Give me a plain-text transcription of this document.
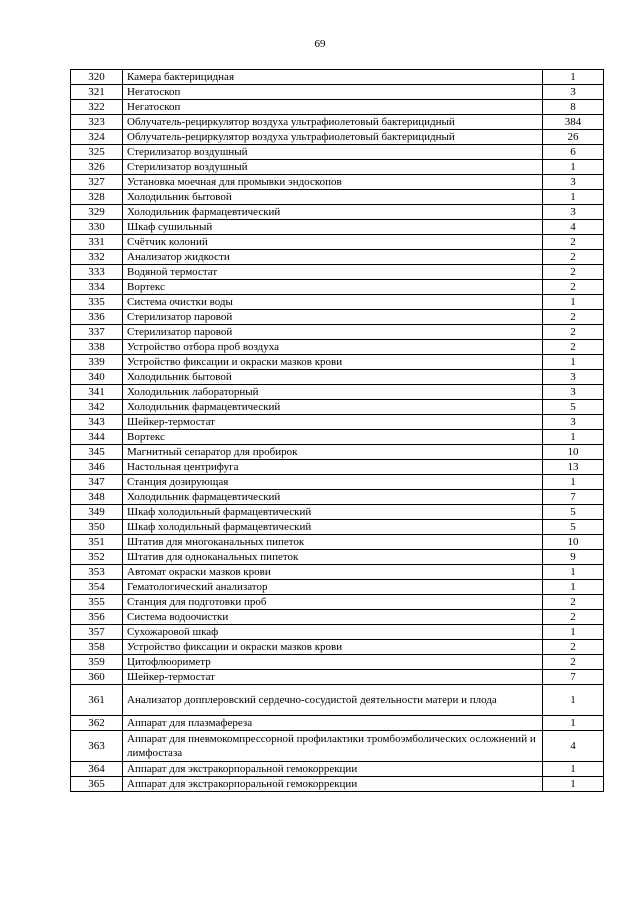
69
320	Камера бактерицидная	1
321	Негатоскоп	3
322	Негатоскоп	8
323	Облучатель-рециркулятор воздуха ультрафиолетовый бактерицидный	384
324	Облучатель-рециркулятор воздуха ультрафиолетовый бактерицидный	26
325	Стерилизатор воздушный	6
326	Стерилизатор воздушный	1
327	Установка моечная для промывки эндоскопов	3
328	Холодильник бытовой	1
329	Холодильник фармацевтический	3
330	Шкаф сушильный	4
331	Счётчик колоний	2
332	Анализатор жидкости	2
333	Водяной термостат	2
334	Вортекс	2
335	Система очистки воды	1
336	Стерилизатор паровой	2
337	Стерилизатор паровой	2
338	Устройство отбора проб воздуха	2
339	Устройство фиксации и окраски мазков крови	1
340	Холодильник бытовой	3
341	Холодильник лабораторный	3
342	Холодильник фармацевтический	5
343	Шейкер-термостат	3
344	Вортекс	1
345	Магнитный сепаратор для пробирок	10
346	Настольная центрифуга	13
347	Станция дозирующая	1
348	Холодильник фармацевтический	7
349	Шкаф холодильный фармацевтический	5
350	Шкаф холодильный фармацевтический	5
351	Штатив для многоканальных пипеток	10
352	Штатив для одноканальных пипеток	9
353	Автомат окраски мазков крови	1
354	Гематологический анализатор	1
355	Станция для подготовки проб	2
356	Система водоочистки	2
357	Сухожаровой шкаф	1
358	Устройство фиксации и окраски мазков крови	2
359	Цитофлюориметр	2
360	Шейкер-термостат	7
361	Анализатор допплеровский сердечно-сосудистой деятельности матери и плода	1
362	Аппарат для плазмафереза	1
363	Аппарат для пневмокомпрессорной профилактики тромбоэмболических осложнений и лимфостаза	4
364	Аппарат для экстракорпоральной гемокоррекции	1
365	Аппарат для экстракорпоральной гемокоррекции	1
